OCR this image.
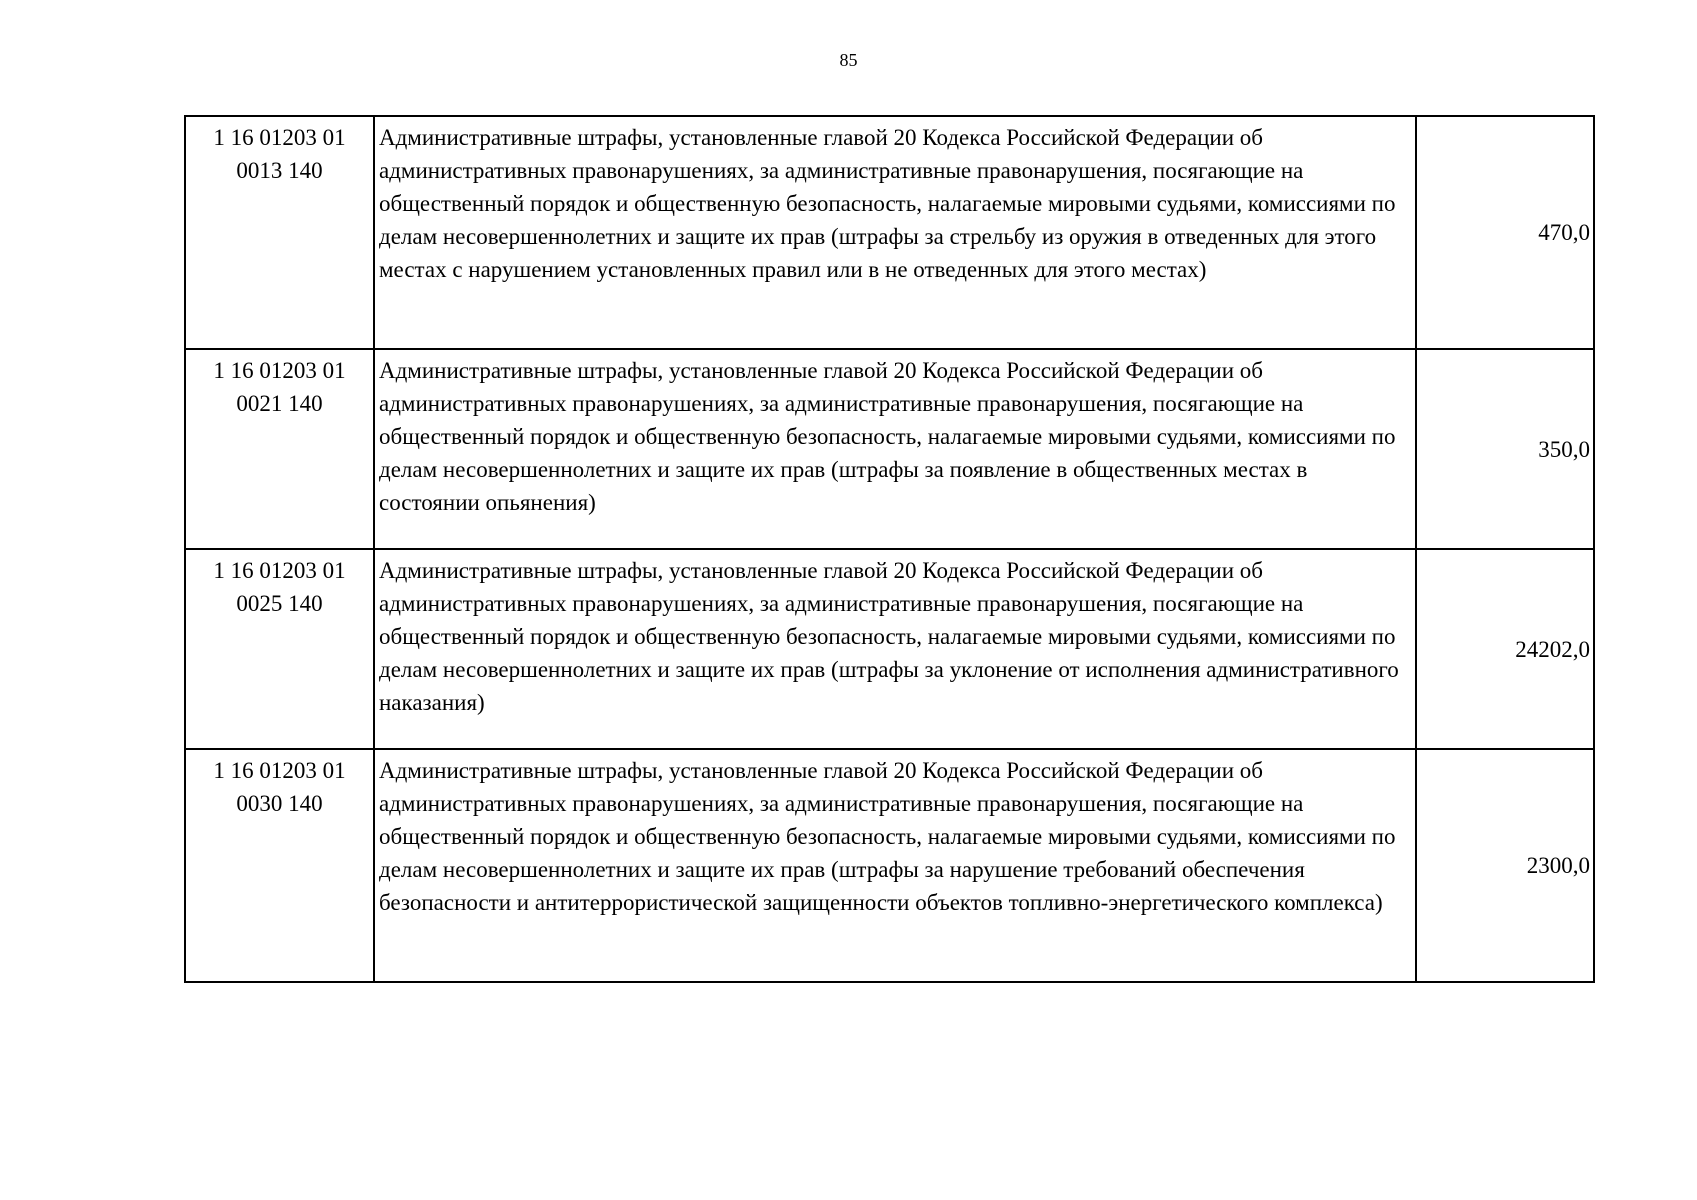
85
1 16 01203 01 0013 140	Административные штрафы, установленные главой 20 Кодекса Российской Федерации об административных правонарушениях, за административные правонарушения, посягающие на общественный порядок и общественную безопасность, налагаемые мировыми судьями, комиссиями по делам несовершеннолетних и защите их прав (штрафы за стрельбу из оружия в отведенных для этого местах с нарушением установленных правил или в не отведенных для этого местах)	470,0
1 16 01203 01 0021 140	Административные штрафы, установленные главой 20 Кодекса Российской Федерации об административных правонарушениях, за административные правонарушения, посягающие на общественный порядок и общественную безопасность, налагаемые мировыми судьями, комиссиями по делам несовершеннолетних и защите их прав (штрафы за появление в общественных местах в состоянии опьянения)	350,0
1 16 01203 01 0025 140	Административные штрафы, установленные главой 20 Кодекса Российской Федерации об административных правонарушениях, за административные правонарушения, посягающие на общественный порядок и общественную безопасность, налагаемые мировыми судьями, комиссиями по делам несовершеннолетних и защите их прав (штрафы за уклонение от исполнения административного наказания)	24202,0
1 16 01203 01 0030 140	Административные штрафы, установленные главой 20 Кодекса Российской Федерации об административных правонарушениях, за административные правонарушения, посягающие на общественный порядок и общественную безопасность, налагаемые мировыми судьями, комиссиями по делам несовершеннолетних и защите их прав (штрафы за нарушение требований обеспечения безопасности и антитеррористической защищенности объектов топливно-энергетического комплекса)	2300,0
